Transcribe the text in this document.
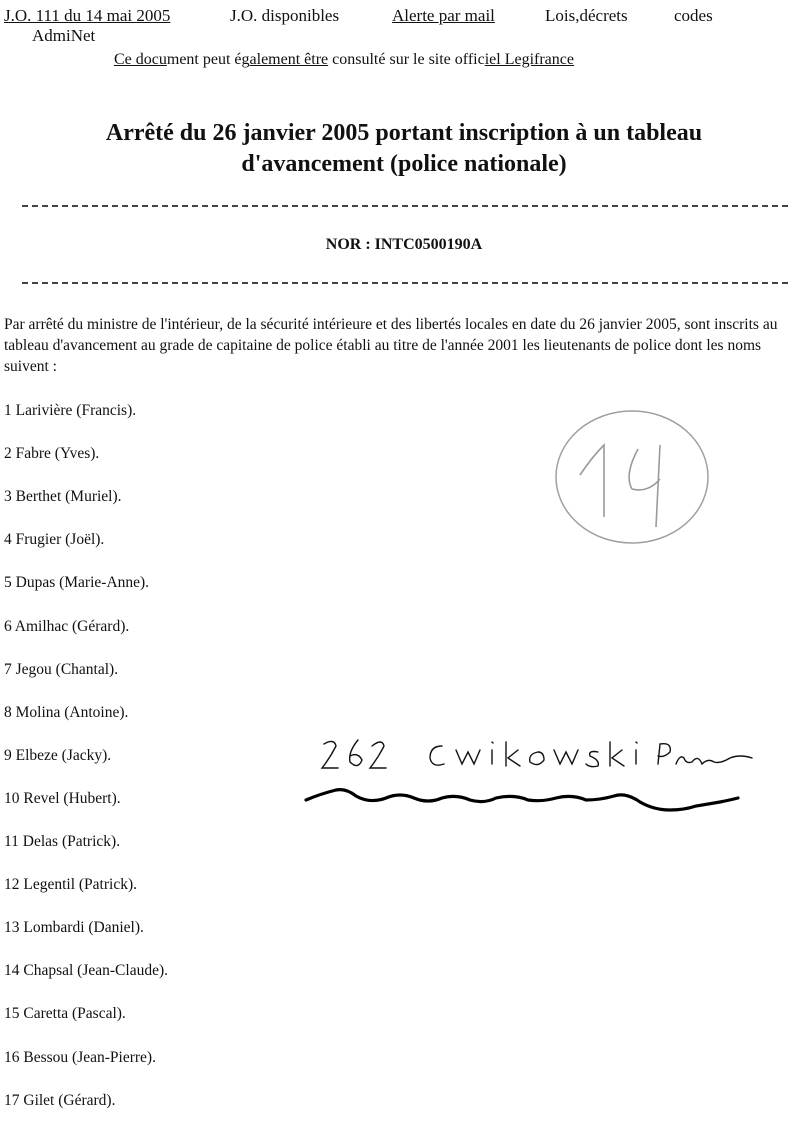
J.O. 111 du 14 mai 2005	J.O. disponibles	Alerte par mail	Lois,décrets	codes
AdmiNet
Ce document peut également être consulté sur le site officiel Legifrance
Arrêté du 26 janvier 2005 portant inscription à un tableau
d'avancement (police nationale)
NOR : INTC0500190A
Par arrêté du ministre de l'intérieur, de la sécurité intérieure et des libertés locales en date du 26 janvier 2005, sont inscrits au tableau d'avancement au grade de capitaine de police établi au titre de l'année 2001 les lieutenants de police dont les noms suivent :
1 Larivière (Francis).
2 Fabre (Yves).
3 Berthet (Muriel).
4 Frugier (Joël).
5 Dupas (Marie-Anne).
6 Amilhac (Gérard).
7 Jegou (Chantal).
8 Molina (Antoine).
9 Elbeze (Jacky).
10 Revel (Hubert).
11 Delas (Patrick).
12 Legentil (Patrick).
13 Lombardi (Daniel).
14 Chapsal (Jean-Claude).
15 Caretta (Pascal).
16 Bessou (Jean-Pierre).
17 Gilet (Gérard).
